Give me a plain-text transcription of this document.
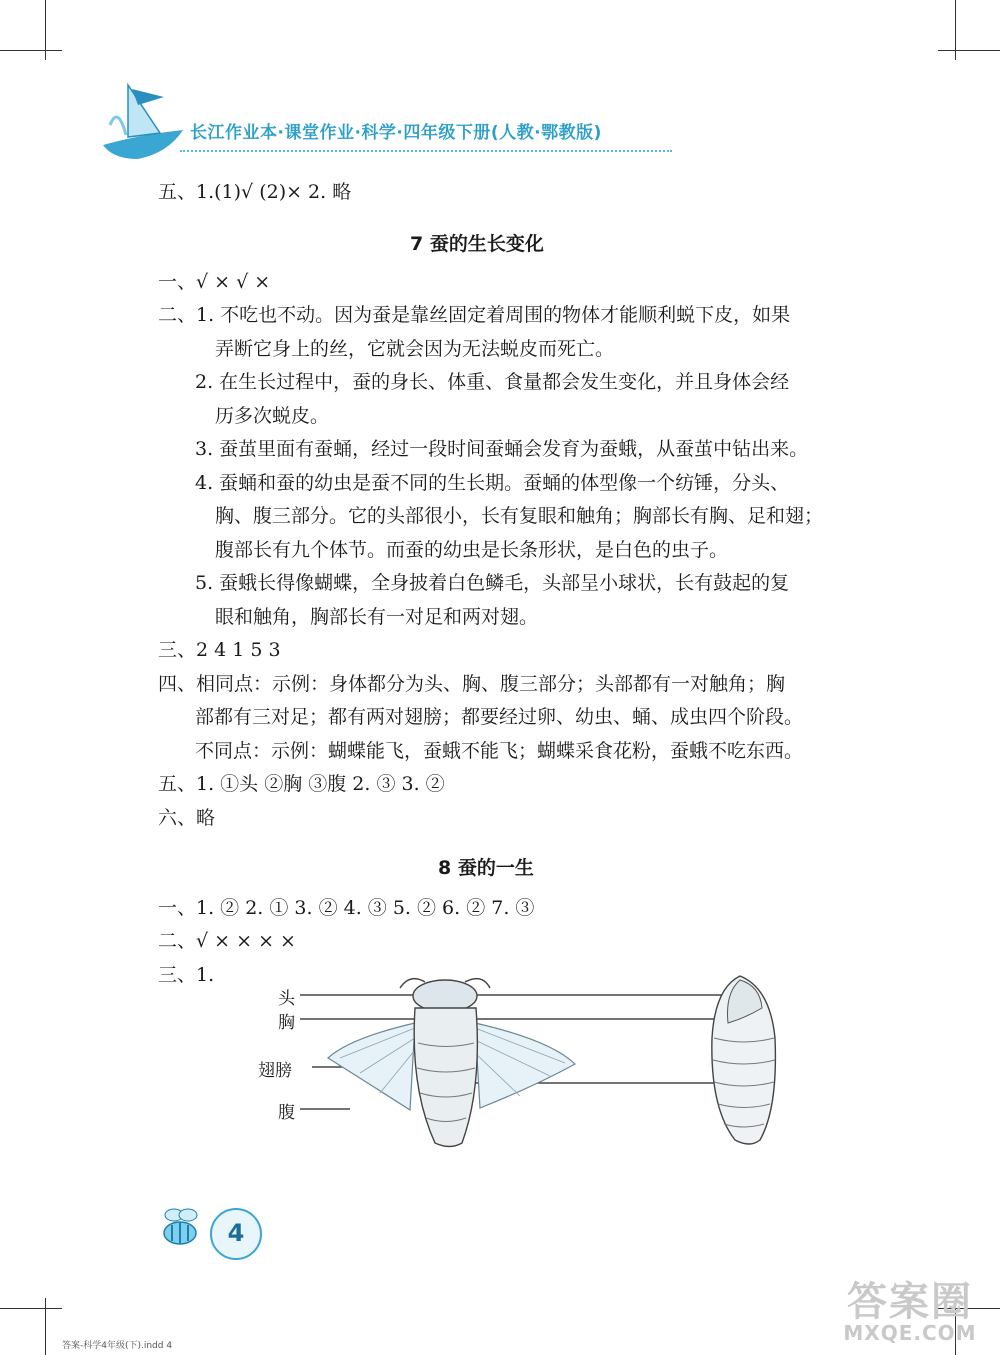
长江作业本·课堂作业·科学·四年级下册(人教·鄂教版)
五、1.(1)√ (2)× 2. 略
7 蚕的生长变化
一、√ × √ ×
二、1. 不吃也不动。因为蚕是靠丝固定着周围的物体才能顺利蜕下皮，如果
弄断它身上的丝，它就会因为无法蜕皮而死亡。
2. 在生长过程中，蚕的身长、体重、食量都会发生变化，并且身体会经
历多次蜕皮。
3. 蚕茧里面有蚕蛹，经过一段时间蚕蛹会发育为蚕蛾，从蚕茧中钻出来。
4. 蚕蛹和蚕的幼虫是蚕不同的生长期。蚕蛹的体型像一个纺锤，分头、
胸、腹三部分。它的头部很小，长有复眼和触角；胸部长有胸、足和翅；
腹部长有九个体节。而蚕的幼虫是长条形状，是白色的虫子。
5. 蚕蛾长得像蝴蝶，全身披着白色鳞毛，头部呈小球状，长有鼓起的复
眼和触角，胸部长有一对足和两对翅。
三、2 4 1 5 3
四、相同点：示例：身体都分为头、胸、腹三部分；头部都有一对触角；胸
部都有三对足；都有两对翅膀；都要经过卵、幼虫、蛹、成虫四个阶段。
不同点：示例：蝴蝶能飞，蚕蛾不能飞；蝴蝶采食花粉，蚕蛾不吃东西。
五、1. ①头 ②胸 ③腹 2. ③ 3. ②
六、略
8 蚕的一生
一、1. ② 2. ① 3. ② 4. ③ 5. ② 6. ② 7. ③
二、√ × × × ×
三、1.
头
胸
翅膀
腹
4
答案-科学4年级(下).indd 4
答案圈
MXQE.COM
